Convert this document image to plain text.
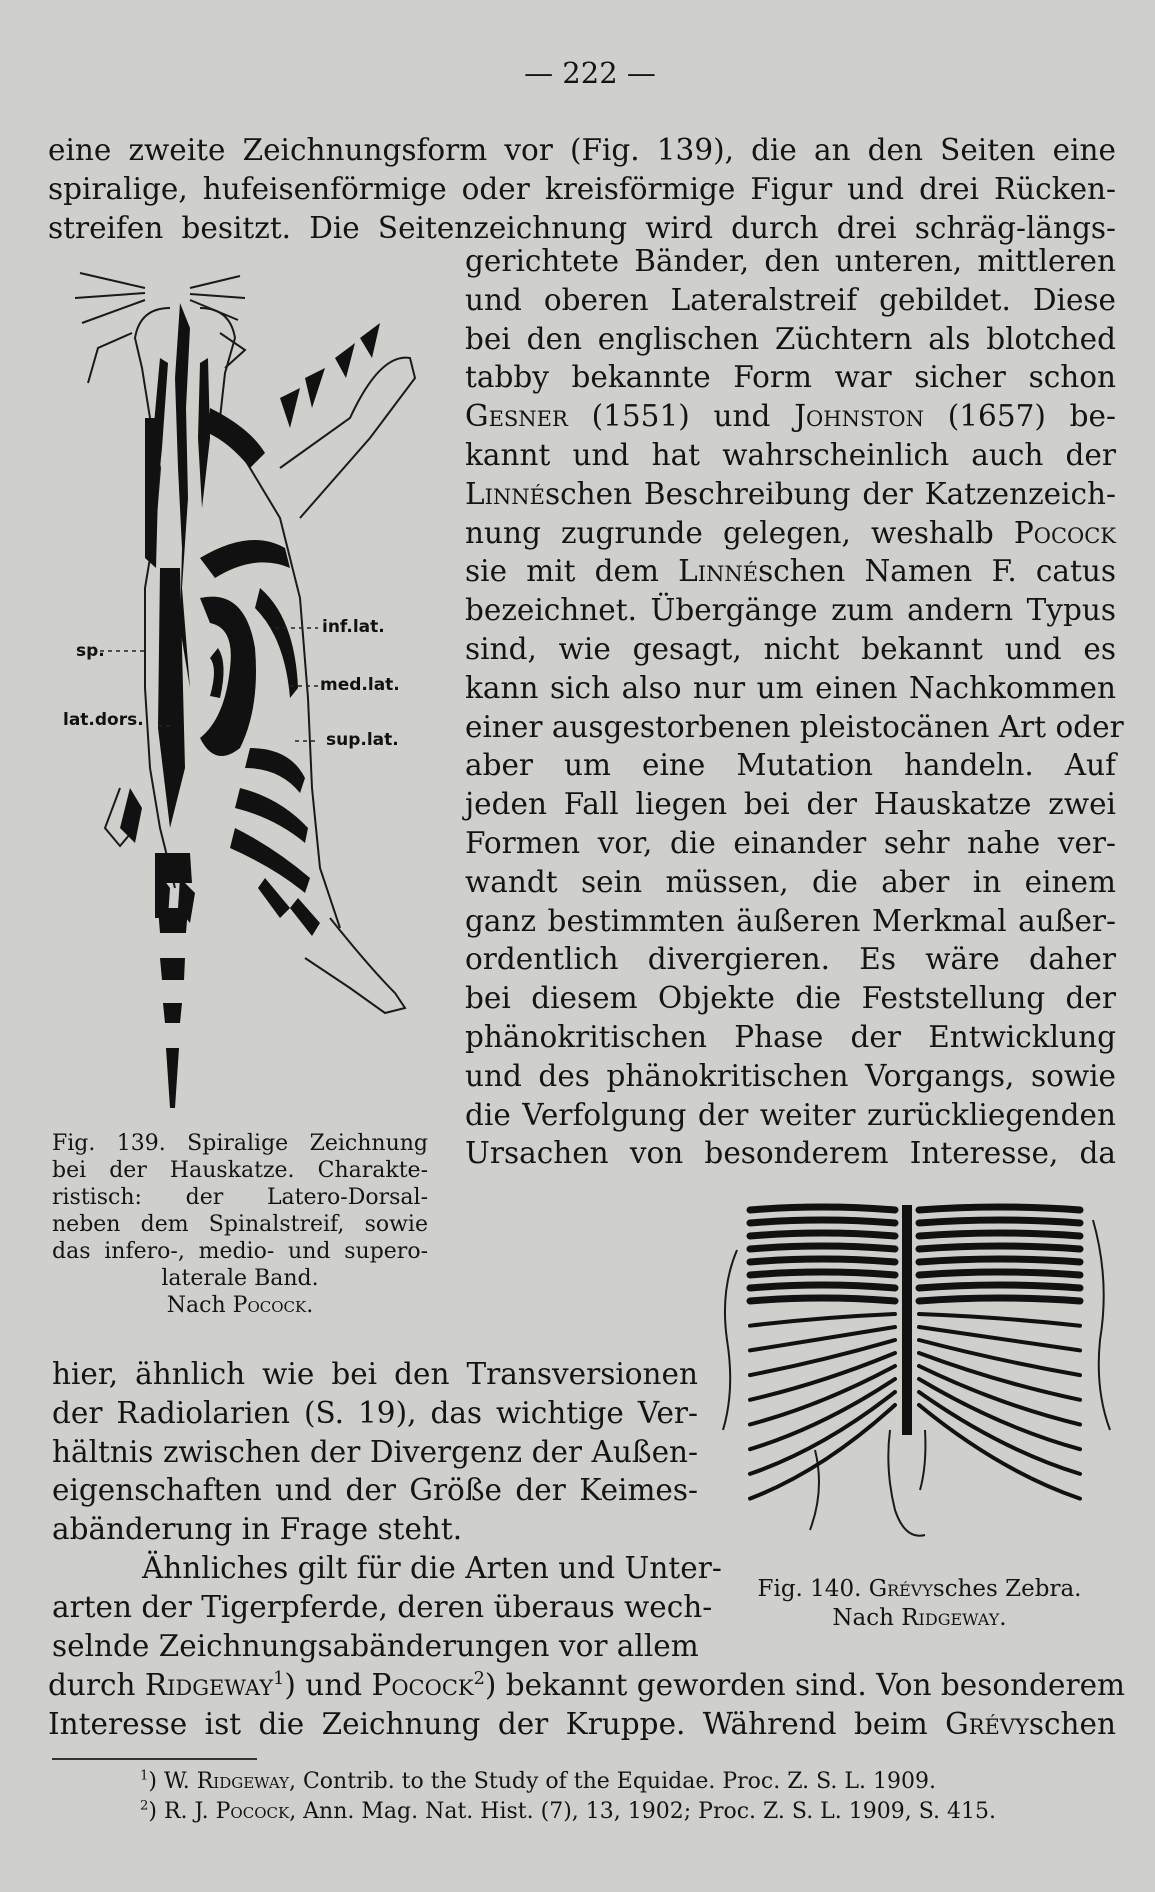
— 222 —
eine zweite Zeichnungsform vor (Fig. 139), die an den Seiten eine
spiralige, hufeisenförmige oder kreisförmige Figur und drei Rücken-
streifen besitzt. Die Seitenzeichnung wird durch drei schräg-längs-
gerichtete Bänder, den unteren, mittleren
und oberen Lateralstreif gebildet. Diese
bei den englischen Züchtern als blotched
tabby bekannte Form war sicher schon
Gesner (1551) und Johnston (1657) be-
kannt und hat wahrscheinlich auch der
Linnéschen Beschreibung der Katzenzeich-
nung zugrunde gelegen, weshalb Pocock
sie mit dem Linnéschen Namen F. catus
bezeichnet. Übergänge zum andern Typus
sind, wie gesagt, nicht bekannt und es
kann sich also nur um einen Nachkommen
einer ausgestorbenen pleistocänen Art oder
aber um eine Mutation handeln. Auf
jeden Fall liegen bei der Hauskatze zwei
Formen vor, die einander sehr nahe ver-
wandt sein müssen, die aber in einem
ganz bestimmten äußeren Merkmal außer-
ordentlich divergieren. Es wäre daher
bei diesem Objekte die Feststellung der
phänokritischen Phase der Entwicklung
und des phänokritischen Vorgangs, sowie
die Verfolgung der weiter zurückliegenden
Ursachen von besonderem Interesse, da
sp.
lat.dors.
inf.lat.
med.lat.
sup.lat.
Fig. 139. Spiralige Zeichnung
bei der Hauskatze. Charakte-
ristisch: der Latero-Dorsal-
neben dem Spinalstreif, sowie
das infero-, medio- und supero-
laterale Band.
Nach Pocock.
Fig. 140. Grévysches Zebra.
Nach Ridgeway.
hier, ähnlich wie bei den Transversionen
der Radiolarien (S. 19), das wichtige Ver-
hältnis zwischen der Divergenz der Außen-
eigenschaften und der Größe der Keimes-
abänderung in Frage steht.
Ähnliches gilt für die Arten und Unter-
arten der Tigerpferde, deren überaus wech-
selnde Zeichnungsabänderungen vor allem
durch Ridgeway$^1$) und Pocock$^2$) bekannt geworden sind. Von besonderem
Interesse ist die Zeichnung der Kruppe. Während beim Grévyschen
$^1$) W. Ridgeway, Contrib. to the Study of the Equidae. Proc. Z. S. L. 1909.
$^2$) R. J. Pocock, Ann. Mag. Nat. Hist. (7), 13, 1902; Proc. Z. S. L. 1909, S. 415.
